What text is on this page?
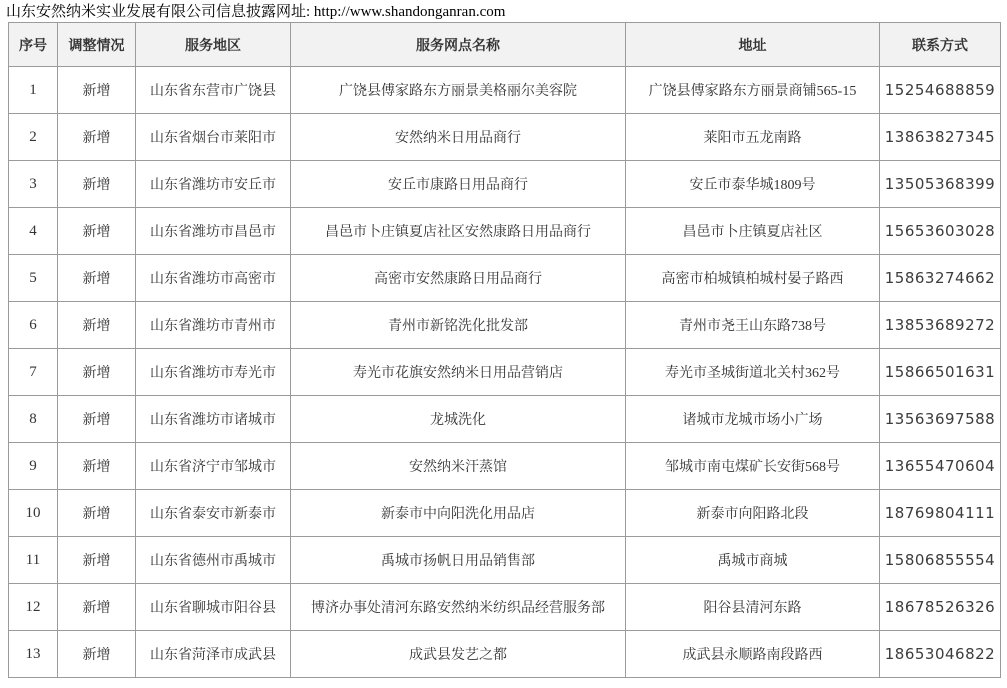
山东安然纳米实业发展有限公司信息披露网址: http://www.shandonganran.com
序号	调整情况	服务地区	服务网点名称	地址	联系方式
1	新增	山东省东营市广饶县	广饶县傅家路东方丽景美格丽尔美容院	广饶县傅家路东方丽景商铺565-15	15254688859
2	新增	山东省烟台市莱阳市	安然纳米日用品商行	莱阳市五龙南路	13863827345
3	新增	山东省潍坊市安丘市	安丘市康路日用品商行	安丘市泰华城1809号	13505368399
4	新增	山东省潍坊市昌邑市	昌邑市卜庄镇夏店社区安然康路日用品商行	昌邑市卜庄镇夏店社区	15653603028
5	新增	山东省潍坊市高密市	高密市安然康路日用品商行	高密市柏城镇柏城村晏子路西	15863274662
6	新增	山东省潍坊市青州市	青州市新铭洗化批发部	青州市尧王山东路738号	13853689272
7	新增	山东省潍坊市寿光市	寿光市花旗安然纳米日用品营销店	寿光市圣城街道北关村362号	15866501631
8	新增	山东省潍坊市诸城市	龙城洗化	诸城市龙城市场小广场	13563697588
9	新增	山东省济宁市邹城市	安然纳米汗蒸馆	邹城市南屯煤矿长安街568号	13655470604
10	新增	山东省泰安市新泰市	新泰市中向阳洗化用品店	新泰市向阳路北段	18769804111
11	新增	山东省德州市禹城市	禹城市扬帆日用品销售部	禹城市商城	15806855554
12	新增	山东省聊城市阳谷县	博济办事处清河东路安然纳米纺织品经营服务部	阳谷县清河东路	18678526326
13	新增	山东省菏泽市成武县	成武县发艺之都	成武县永顺路南段路西	18653046822
